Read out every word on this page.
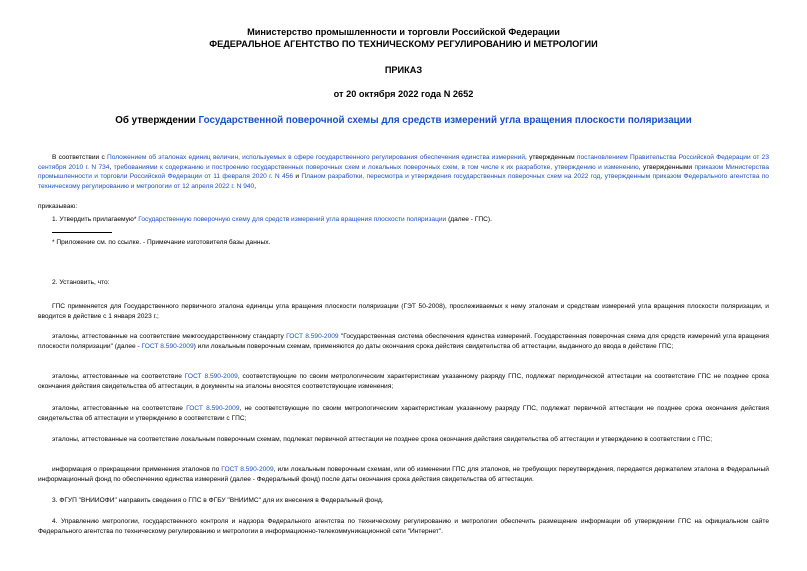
Министерство промышленности и торговли Российской Федерации
ФЕДЕРАЛЬНОЕ АГЕНТСТВО ПО ТЕХНИЧЕСКОМУ РЕГУЛИРОВАНИЮ И МЕТРОЛОГИИ
ПРИКАЗ
от 20 октября 2022 года N 2652
Об утверждении Государственной поверочной схемы для средств измерений угла вращения плоскости поляризации
В соответствии с Положением об эталонах единиц величин, используемых в сфере государственного регулирования обеспечения единства измерений, утвержденным постановлением Правительства Российской Федерации от 23 сентября 2010 г. N 734, требованиями к содержанию и построению государственных поверочных схем и локальных поверочных схем, в том числе к их разработке, утверждению и изменению, утвержденными приказом Министерства промышленности и торговли Российской Федерации от 11 февраля 2020 г. N 456 и Планом разработки, пересмотра и утверждения государственных поверочных схем на 2022 год, утвержденным приказом Федерального агентства по техническому регулированию и метрологии от 12 апреля 2022 г. N 940,
приказываю:
1. Утвердить прилагаемую* Государственную поверочную схему для средств измерений угла вращения плоскости поляризации (далее - ГПС).
* Приложение см. по ссылке. - Примечание изготовителя базы данных.
2. Установить, что:
ГПС применяется для Государственного первичного эталона единицы угла вращения плоскости поляризации (ГЭТ 50-2008), прослеживаемых к нему эталонам и средствам измерений угла вращения плоскости поляризации, и вводится в действие с 1 января 2023 г.;
эталоны, аттестованные на соответствие межгосударственному стандарту ГОСТ 8.590-2009 "Государственная система обеспечения единства измерений. Государственная поверочная схема для средств измерений угла вращения плоскости поляризации" (далее - ГОСТ 8.590-2009) или локальным поверочным схемам, применяются до даты окончания срока действия свидетельства об аттестации, выданного до ввода в действие ГПС;
эталоны, аттестованные на соответствие ГОСТ 8.590-2009, соответствующие по своим метрологическим характеристикам указанному разряду ГПС, подлежат периодической аттестации на соответствие ГПС не позднее срока окончания действия свидетельства об аттестации, в документы на эталоны вносятся соответствующие изменения;
эталоны, аттестованные на соответствие ГОСТ 8.590-2009, не соответствующие по своим метрологическим характеристикам указанному разряду ГПС, подлежат первичной аттестации не позднее срока окончания действия свидетельства об аттестации и утверждению в соответствии с ГПС;
эталоны, аттестованные на соответствие локальным поверочным схемам, подлежат первичной аттестации не позднее срока окончания действия свидетельства об аттестации и утверждению в соответствии с ГПС;
информация о прекращении применения эталонов по ГОСТ 8.590-2009, или локальным поверочным схемам, или об изменении ГПС для эталонов, не требующих переутверждения, передается держателем эталона в Федеральный информационный фонд по обеспечению единства измерений (далее - Федеральный фонд) после даты окончания срока действия свидетельства об аттестации.
3. ФГУП "ВНИИОФИ" направить сведения о ГПС в ФГБУ "ВНИИМС" для их внесения в Федеральный фонд.
4. Управлению метрологии, государственного контроля и надзора Федерального агентства по техническому регулированию и метрологии обеспечить размещение информации об утверждении ГПС на официальном сайте Федерального агентства по техническому регулированию и метрологии в информационно-телекоммуникационной сети "Интернет".
